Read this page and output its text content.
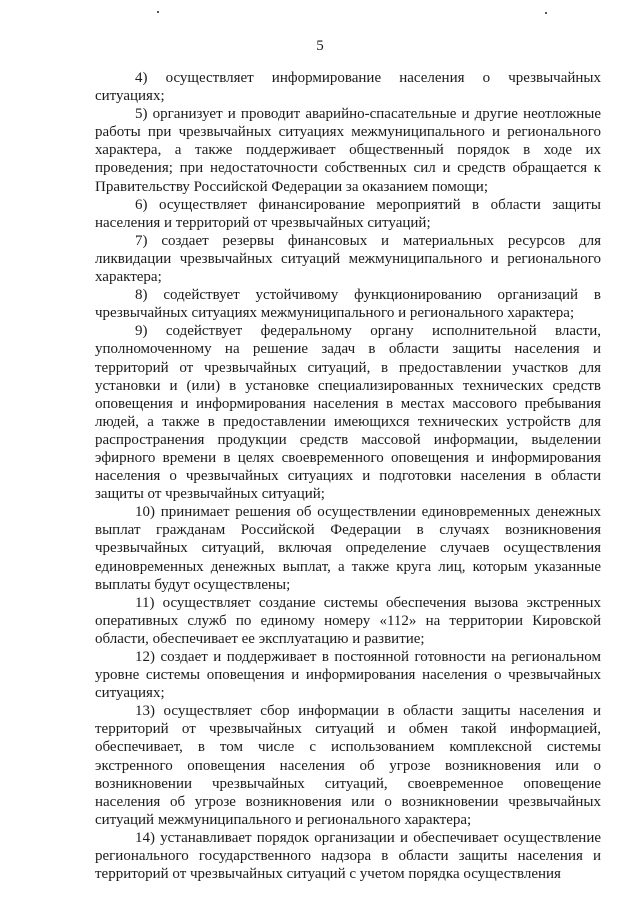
5

4) осуществляет информирование населения о чрезвычайных ситуациях;

5) организует и проводит аварийно-спасательные и другие неотложные работы при чрезвычайных ситуациях межмуниципального и регионального характера, а также поддерживает общественный порядок в ходе их проведения; при недостаточности собственных сил и средств обращается к Правительству Российской Федерации за оказанием помощи;

6) осуществляет финансирование мероприятий в области защиты населения и территорий от чрезвычайных ситуаций;

7) создает резервы финансовых и материальных ресурсов для ликвидации чрезвычайных ситуаций межмуниципального и регионального характера;

8) содействует устойчивому функционированию организаций в чрезвычайных ситуациях межмуниципального и регионального характера;

9) содействует федеральному органу исполнительной власти, уполномоченному на решение задач в области защиты населения и территорий от чрезвычайных ситуаций, в предоставлении участков для установки и (или) в установке специализированных технических средств оповещения и информирования населения в местах массового пребывания людей, а также в предоставлении имеющихся технических устройств для распространения продукции средств массовой информации, выделении эфирного времени в целях своевременного оповещения и информирования населения о чрезвычайных ситуациях и подготовки населения в области защиты от чрезвычайных ситуаций;

10) принимает решения об осуществлении единовременных денежных выплат гражданам Российской Федерации в случаях возникновения чрезвычайных ситуаций, включая определение случаев осуществления единовременных денежных выплат, а также круга лиц, которым указанные выплаты будут осуществлены;

11) осуществляет создание системы обеспечения вызова экстренных оперативных служб по единому номеру «112» на территории Кировской области, обеспечивает ее эксплуатацию и развитие;

12) создает и поддерживает в постоянной готовности на региональном уровне системы оповещения и информирования населения о чрезвычайных ситуациях;

13) осуществляет сбор информации в области защиты населения и территорий от чрезвычайных ситуаций и обмен такой информацией, обеспечивает, в том числе с использованием комплексной системы экстренного оповещения населения об угрозе возникновения или о возникновении чрезвычайных ситуаций, своевременное оповещение населения об угрозе возникновения или о возникновении чрезвычайных ситуаций межмуниципального и регионального характера;

14) устанавливает порядок организации и обеспечивает осуществление регионального государственного надзора в области защиты населения и территорий от чрезвычайных ситуаций с учетом порядка осуществления
